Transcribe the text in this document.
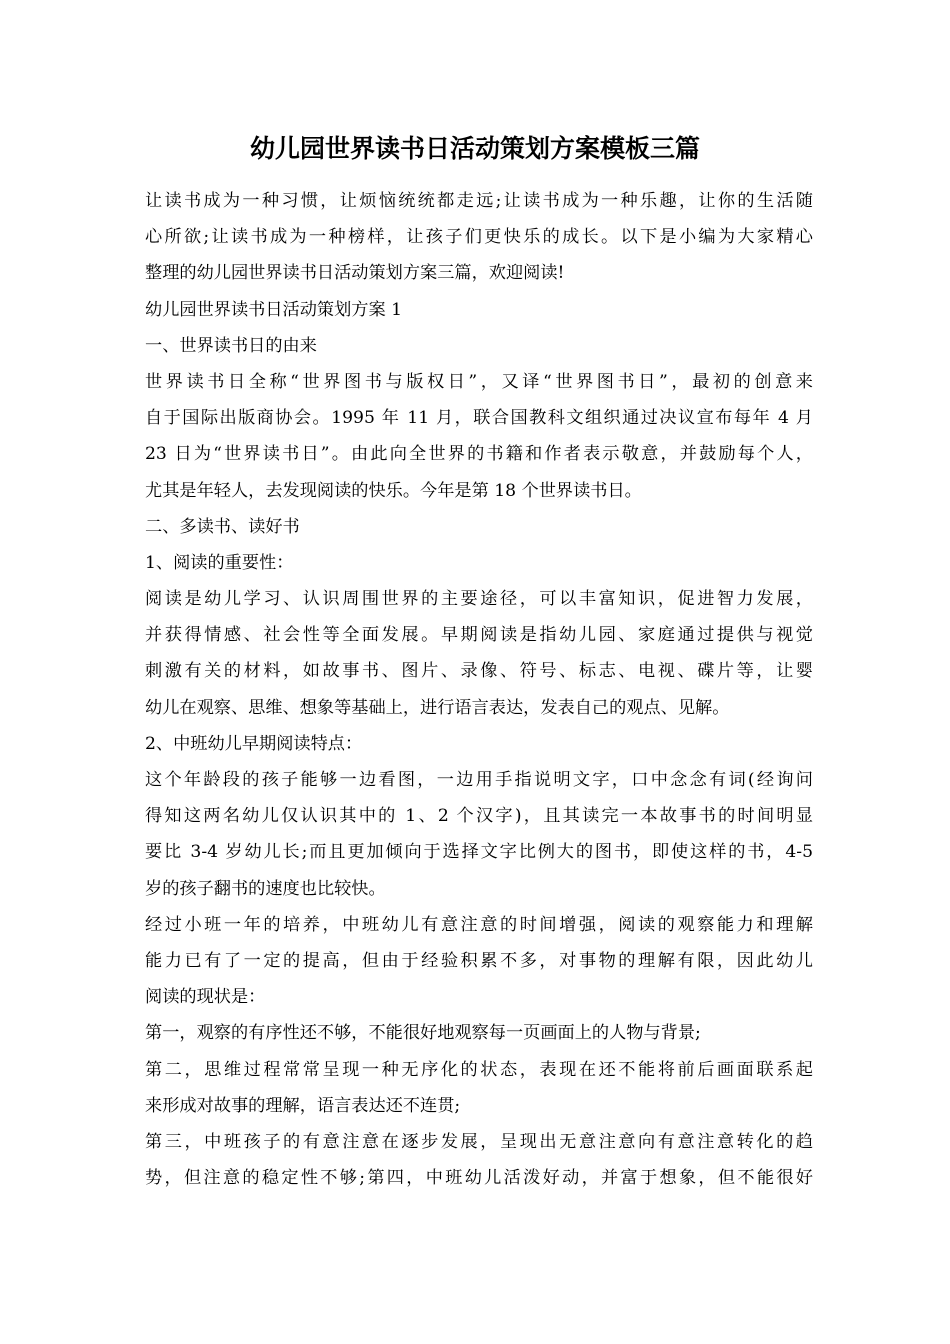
幼儿园世界读书日活动策划方案模板三篇
让读书成为一种习惯，让烦恼统统都走远;让读书成为一种乐趣，让你的生活随
心所欲;让读书成为一种榜样，让孩子们更快乐的成长。以下是小编为大家精心
整理的幼儿园世界读书日活动策划方案三篇，欢迎阅读!
幼儿园世界读书日活动策划方案 1
一、世界读书日的由来
世界读书日全称“世界图书与版权日”，又译“世界图书日”，最初的创意来
自于国际出版商协会。1995 年 11 月，联合国教科文组织通过决议宣布每年 4 月
23 日为“世界读书日”。由此向全世界的书籍和作者表示敬意，并鼓励每个人，
尤其是年轻人，去发现阅读的快乐。今年是第 18 个世界读书日。
二、多读书、读好书
1、阅读的重要性：
阅读是幼儿学习、认识周围世界的主要途径，可以丰富知识，促进智力发展，
并获得情感、社会性等全面发展。早期阅读是指幼儿园、家庭通过提供与视觉
刺激有关的材料，如故事书、图片、录像、符号、标志、电视、碟片等，让婴
幼儿在观察、思维、想象等基础上，进行语言表达，发表自己的观点、见解。
2、中班幼儿早期阅读特点：
这个年龄段的孩子能够一边看图，一边用手指说明文字，口中念念有词(经询问
得知这两名幼儿仅认识其中的 1、2 个汉字)，且其读完一本故事书的时间明显
要比 3-4 岁幼儿长;而且更加倾向于选择文字比例大的图书，即使这样的书，4-5
岁的孩子翻书的速度也比较快。
经过小班一年的培养，中班幼儿有意注意的时间增强，阅读的观察能力和理解
能力已有了一定的提高，但由于经验积累不多，对事物的理解有限，因此幼儿
阅读的现状是：
第一，观察的有序性还不够，不能很好地观察每一页画面上的人物与背景;
第二，思维过程常常呈现一种无序化的状态，表现在还不能将前后画面联系起
来形成对故事的理解，语言表达还不连贯;
第三，中班孩子的有意注意在逐步发展，呈现出无意注意向有意注意转化的趋
势，但注意的稳定性不够;第四，中班幼儿活泼好动，并富于想象，但不能很好
